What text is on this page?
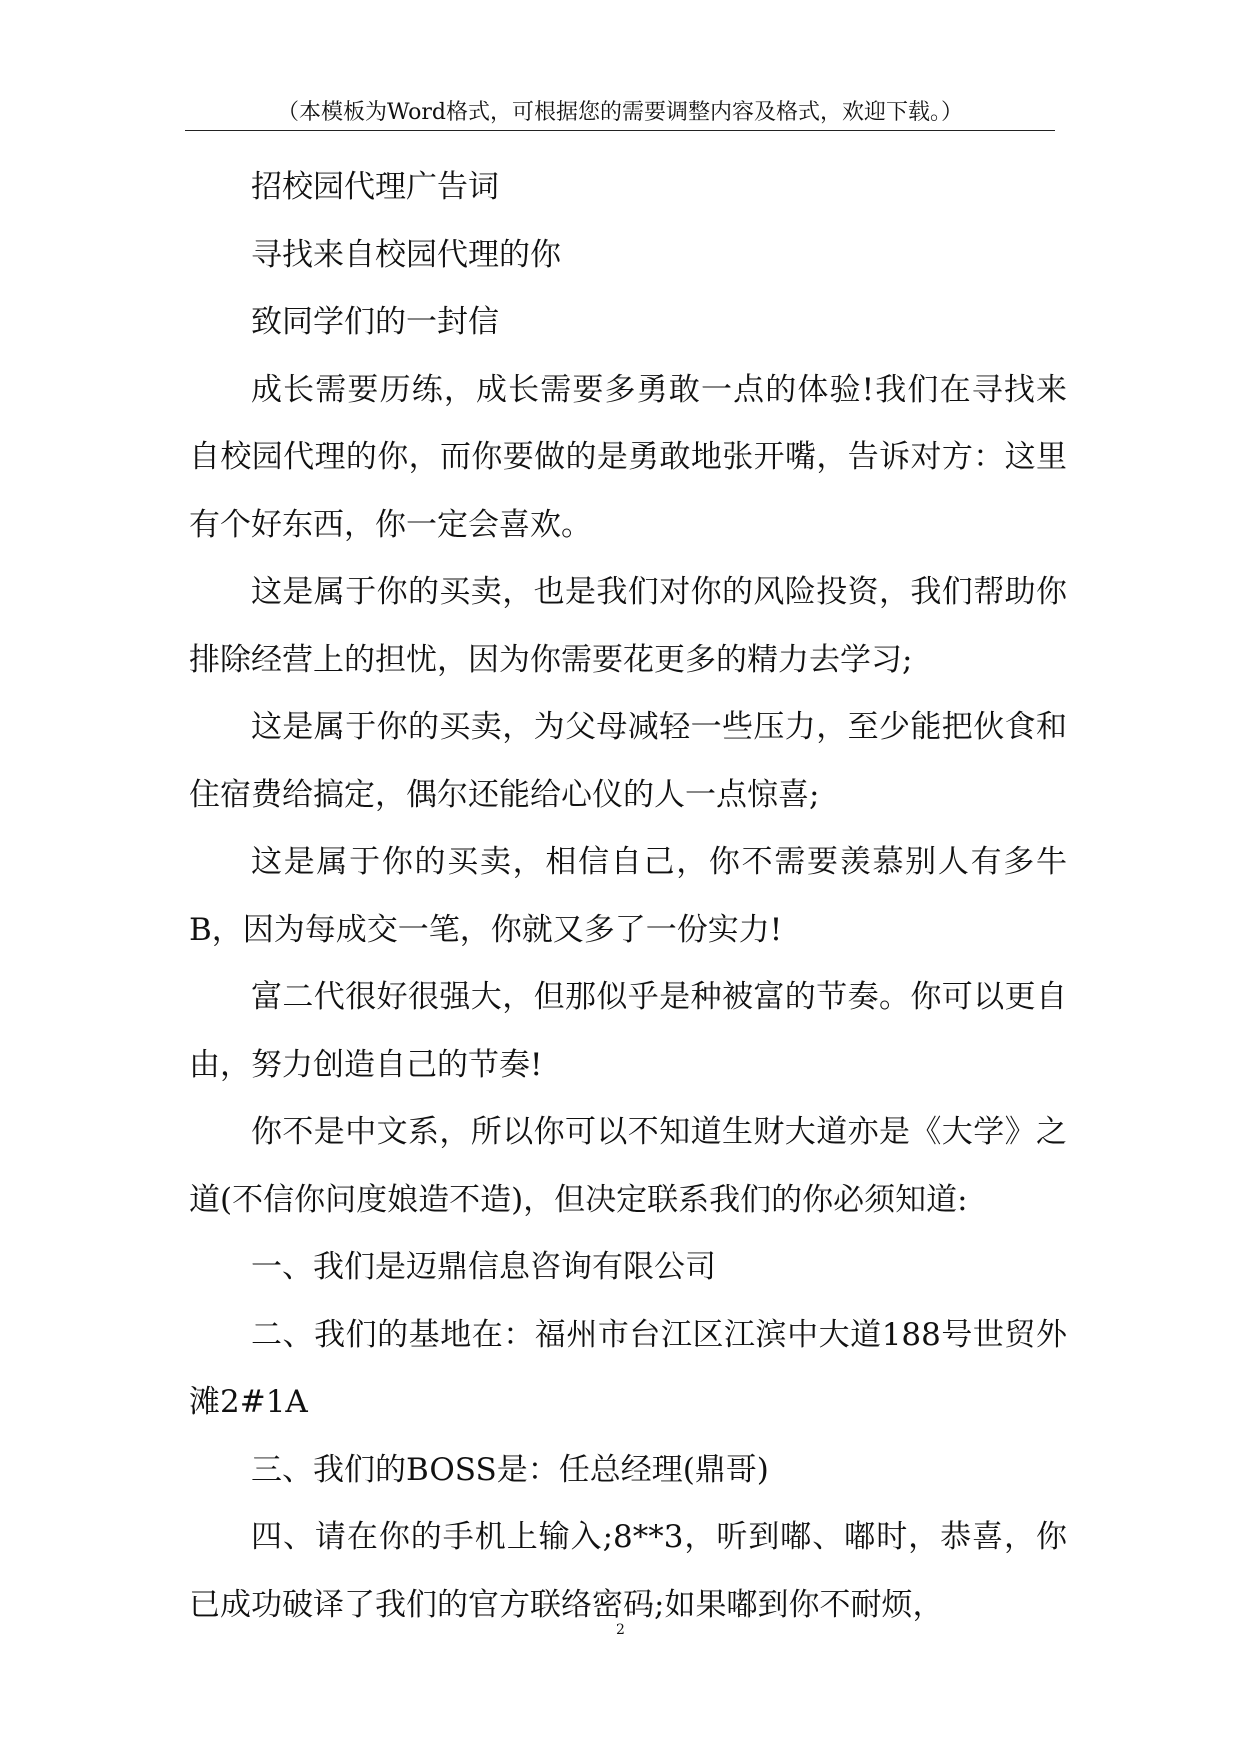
（本模板为Word格式，可根据您的需要调整内容及格式，欢迎下载。）

招校园代理广告词

寻找来自校园代理的你

致同学们的一封信

成长需要历练，成长需要多勇敢一点的体验!我们在寻找来自校园代理的你，而你要做的是勇敢地张开嘴，告诉对方：这里有个好东西，你一定会喜欢。

这是属于你的买卖，也是我们对你的风险投资，我们帮助你排除经营上的担忧，因为你需要花更多的精力去学习;

这是属于你的买卖，为父母减轻一些压力，至少能把伙食和住宿费给搞定，偶尔还能给心仪的人一点惊喜;

这是属于你的买卖，相信自己，你不需要羡慕别人有多牛B，因为每成交一笔，你就又多了一份实力!

富二代很好很强大，但那似乎是种被富的节奏。你可以更自由，努力创造自己的节奏!

你不是中文系，所以你可以不知道生财大道亦是《大学》之道(不信你问度娘造不造)，但决定联系我们的你必须知道:

一、我们是迈鼎信息咨询有限公司

二、我们的基地在：福州市台江区江滨中大道188号世贸外滩2#1A

三、我们的BOSS是：任总经理(鼎哥)

四、请在你的手机上输入;8**3，听到嘟、嘟时，恭喜，你已成功破译了我们的官方联络密码;如果嘟到你不耐烦，

2
